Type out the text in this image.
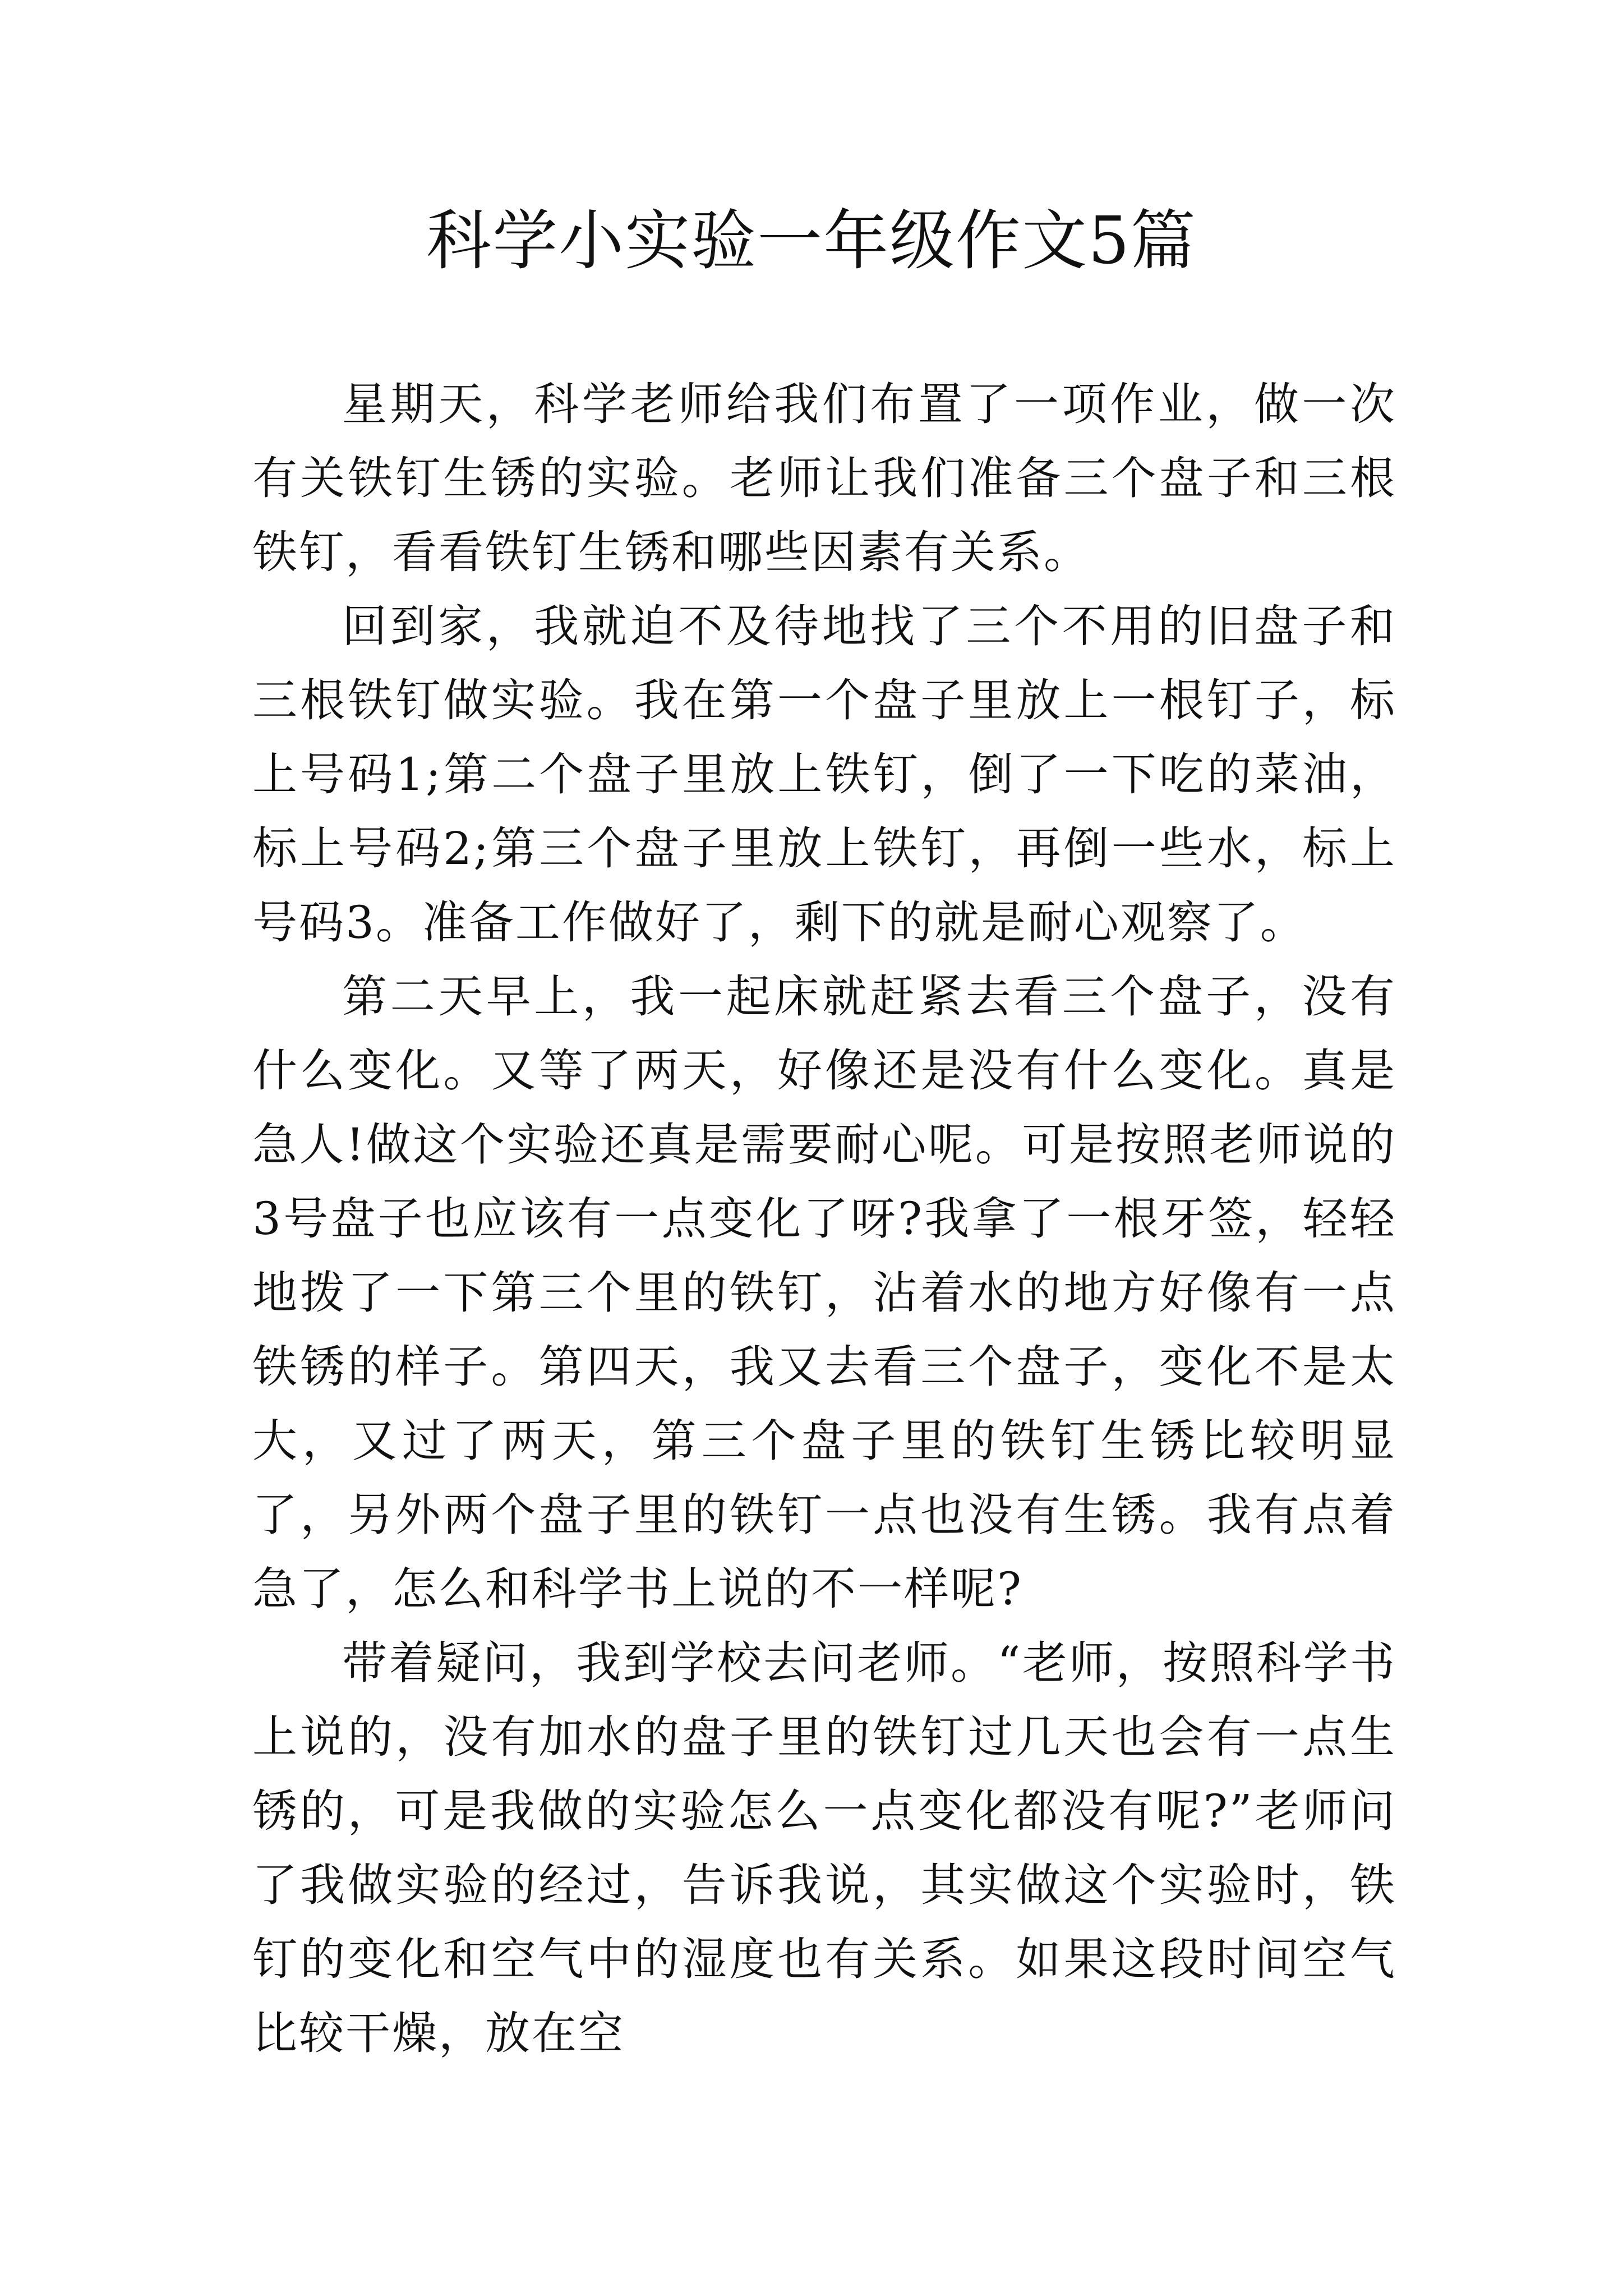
科学小实验一年级作文5篇

星期天，科学老师给我们布置了一项作业，做一次有关铁钉生锈的实验。老师让我们准备三个盘子和三根铁钉，看看铁钉生锈和哪些因素有关系。

回到家，我就迫不及待地找了三个不用的旧盘子和三根铁钉做实验。我在第一个盘子里放上一根钉子，标上号码1;第二个盘子里放上铁钉，倒了一下吃的菜油，标上号码2;第三个盘子里放上铁钉，再倒一些水，标上号码3。准备工作做好了，剩下的就是耐心观察了。

第二天早上，我一起床就赶紧去看三个盘子，没有什么变化。又等了两天，好像还是没有什么变化。真是急人!做这个实验还真是需要耐心呢。可是按照老师说的3号盘子也应该有一点变化了呀?我拿了一根牙签，轻轻地拨了一下第三个里的铁钉，沾着水的地方好像有一点铁锈的样子。第四天，我又去看三个盘子，变化不是太大，又过了两天，第三个盘子里的铁钉生锈比较明显了，另外两个盘子里的铁钉一点也没有生锈。我有点着急了，怎么和科学书上说的不一样呢?

带着疑问，我到学校去问老师。“老师，按照科学书上说的，没有加水的盘子里的铁钉过几天也会有一点生锈的，可是我做的实验怎么一点变化都没有呢?”老师问了我做实验的经过，告诉我说，其实做这个实验时，铁钉的变化和空气中的湿度也有关系。如果这段时间空气比较干燥，放在空
